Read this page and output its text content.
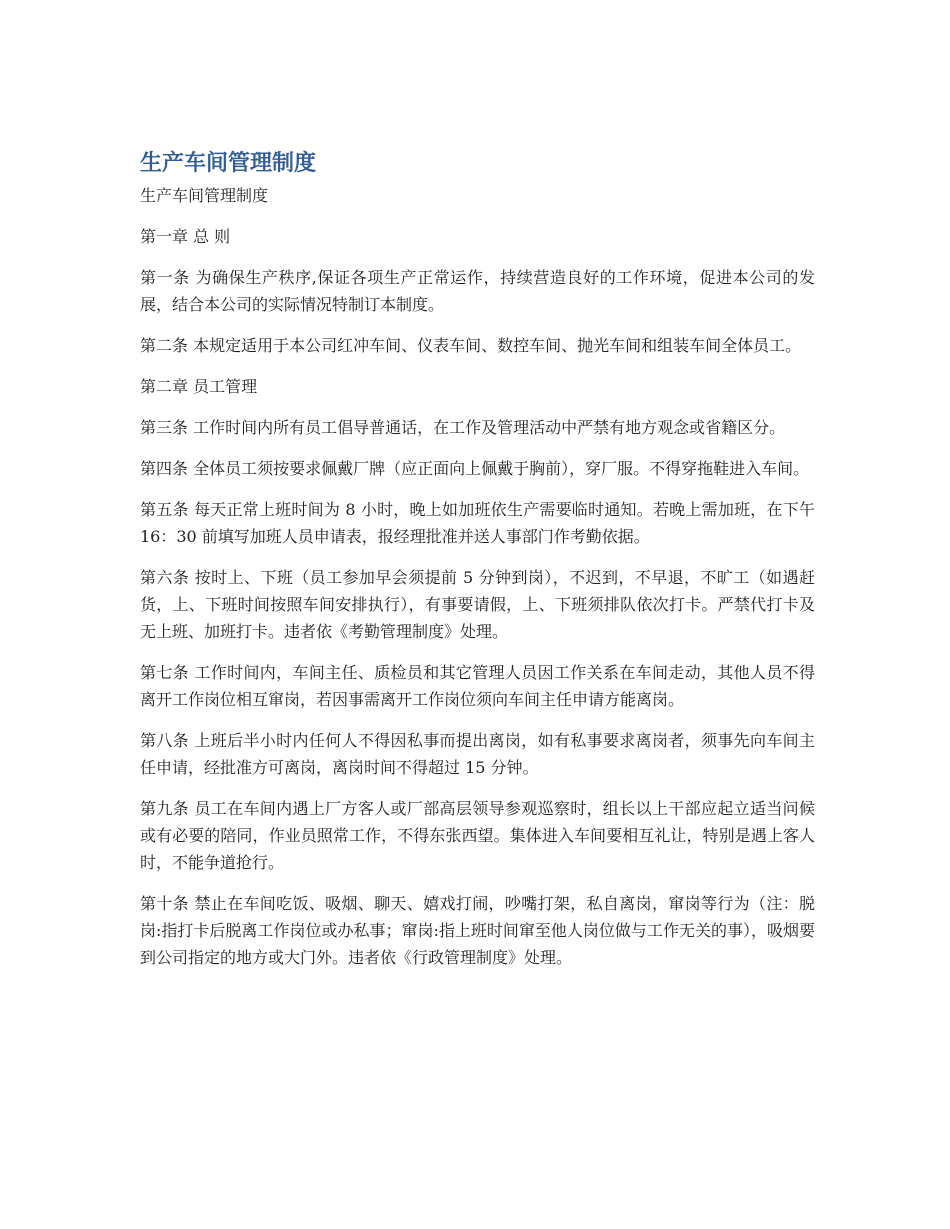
生产车间管理制度

生产车间管理制度

第一章 总 则

第一条 为确保生产秩序,保证各项生产正常运作，持续营造良好的工作环境，促进本公司的发展，结合本公司的实际情况特制订本制度。

第二条 本规定适用于本公司红冲车间、仪表车间、数控车间、抛光车间和组装车间全体员工。

第二章 员工管理

第三条 工作时间内所有员工倡导普通话，在工作及管理活动中严禁有地方观念或省籍区分。

第四条 全体员工须按要求佩戴厂牌（应正面向上佩戴于胸前），穿厂服。不得穿拖鞋进入车间。

第五条 每天正常上班时间为 8 小时，晚上如加班依生产需要临时通知。若晚上需加班，在下午 16：30 前填写加班人员申请表，报经理批准并送人事部门作考勤依据。

第六条 按时上、下班（员工参加早会须提前 5 分钟到岗），不迟到，不早退，不旷工（如遇赶货，上、下班时间按照车间安排执行），有事要请假，上、下班须排队依次打卡。严禁代打卡及无上班、加班打卡。违者依《考勤管理制度》处理。

第七条 工作时间内，车间主任、质检员和其它管理人员因工作关系在车间走动，其他人员不得离开工作岗位相互窜岗，若因事需离开工作岗位须向车间主任申请方能离岗。

第八条 上班后半小时内任何人不得因私事而提出离岗，如有私事要求离岗者，须事先向车间主任申请，经批准方可离岗，离岗时间不得超过 15 分钟。

第九条 员工在车间内遇上厂方客人或厂部高层领导参观巡察时，组长以上干部应起立适当问候或有必要的陪同，作业员照常工作，不得东张西望。集体进入车间要相互礼让，特别是遇上客人时，不能争道抢行。

第十条 禁止在车间吃饭、吸烟、聊天、嬉戏打闹，吵嘴打架，私自离岗，窜岗等行为（注：脱岗:指打卡后脱离工作岗位或办私事；窜岗:指上班时间窜至他人岗位做与工作无关的事），吸烟要到公司指定的地方或大门外。违者依《行政管理制度》处理。
